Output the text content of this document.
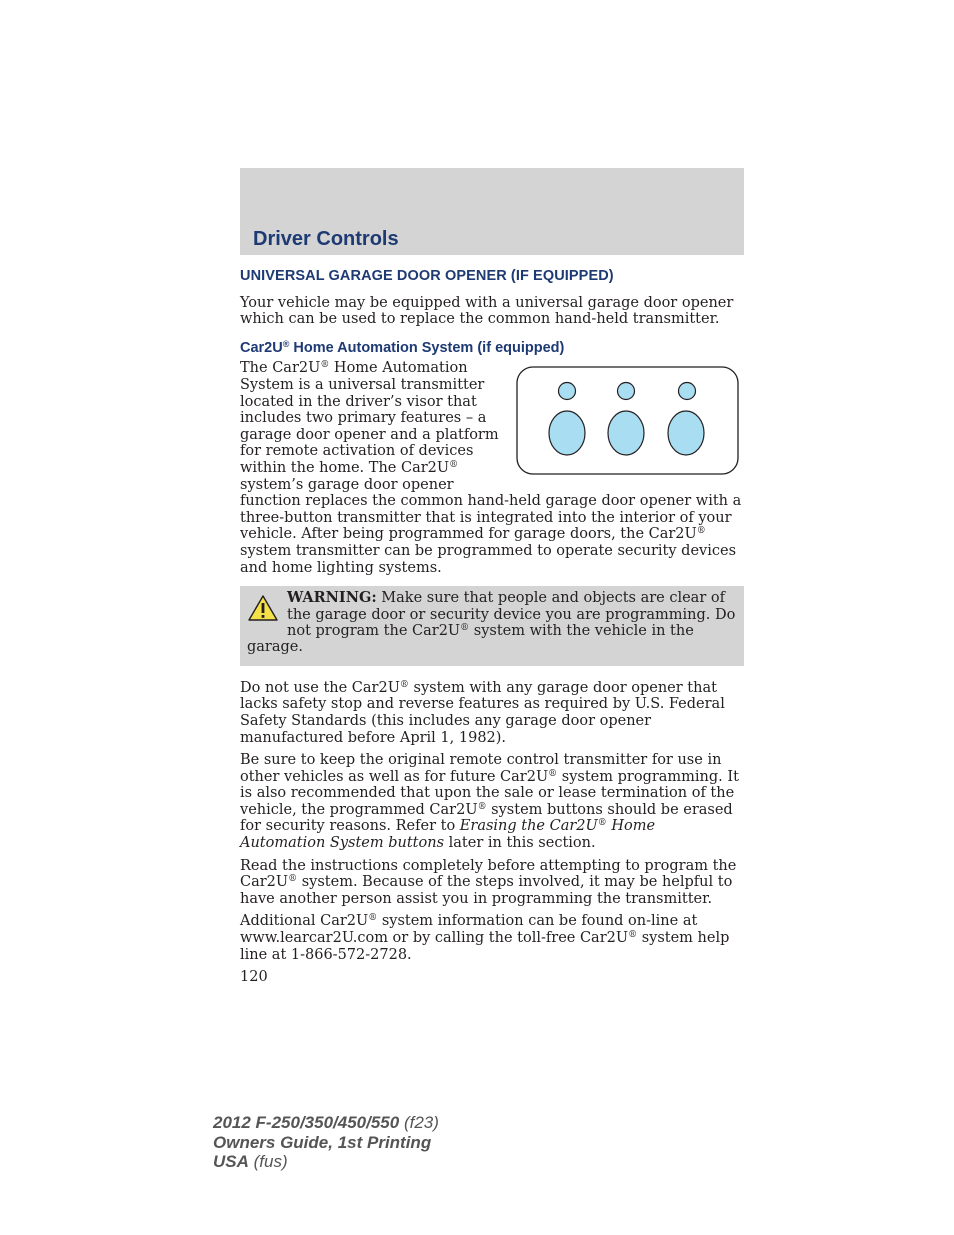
Driver Controls
UNIVERSAL GARAGE DOOR OPENER (IF EQUIPPED)

Your vehicle may be equipped with a universal garage door opener which can be used to replace the common hand-held transmitter.

Car2U® Home Automation System (if equipped)

The Car2U® Home Automation System is a universal transmitter located in the driver’s visor that includes two primary features – a garage door opener and a platform for remote activation of devices within the home. The Car2U® system’s garage door opener function replaces the common hand-held garage door opener with a three-button transmitter that is integrated into the interior of your vehicle. After being programmed for garage doors, the Car2U® system transmitter can be programmed to operate security devices and home lighting systems.

WARNING: Make sure that people and objects are clear of the garage door or security device you are programming. Do not program the Car2U® system with the vehicle in the garage.

Do not use the Car2U® system with any garage door opener that lacks safety stop and reverse features as required by U.S. Federal Safety Standards (this includes any garage door opener manufactured before April 1, 1982).

Be sure to keep the original remote control transmitter for use in other vehicles as well as for future Car2U® system programming. It is also recommended that upon the sale or lease termination of the vehicle, the programmed Car2U® system buttons should be erased for security reasons. Refer to Erasing the Car2U® Home Automation System buttons later in this section.

Read the instructions completely before attempting to program the Car2U® system. Because of the steps involved, it may be helpful to have another person assist you in programming the transmitter.

Additional Car2U® system information can be found on-line at www.learcar2U.com or by calling the toll-free Car2U® system help line at 1-866-572-2728.

120
2012 F-250/350/450/550 (f23)
Owners Guide, 1st Printing
USA (fus)
